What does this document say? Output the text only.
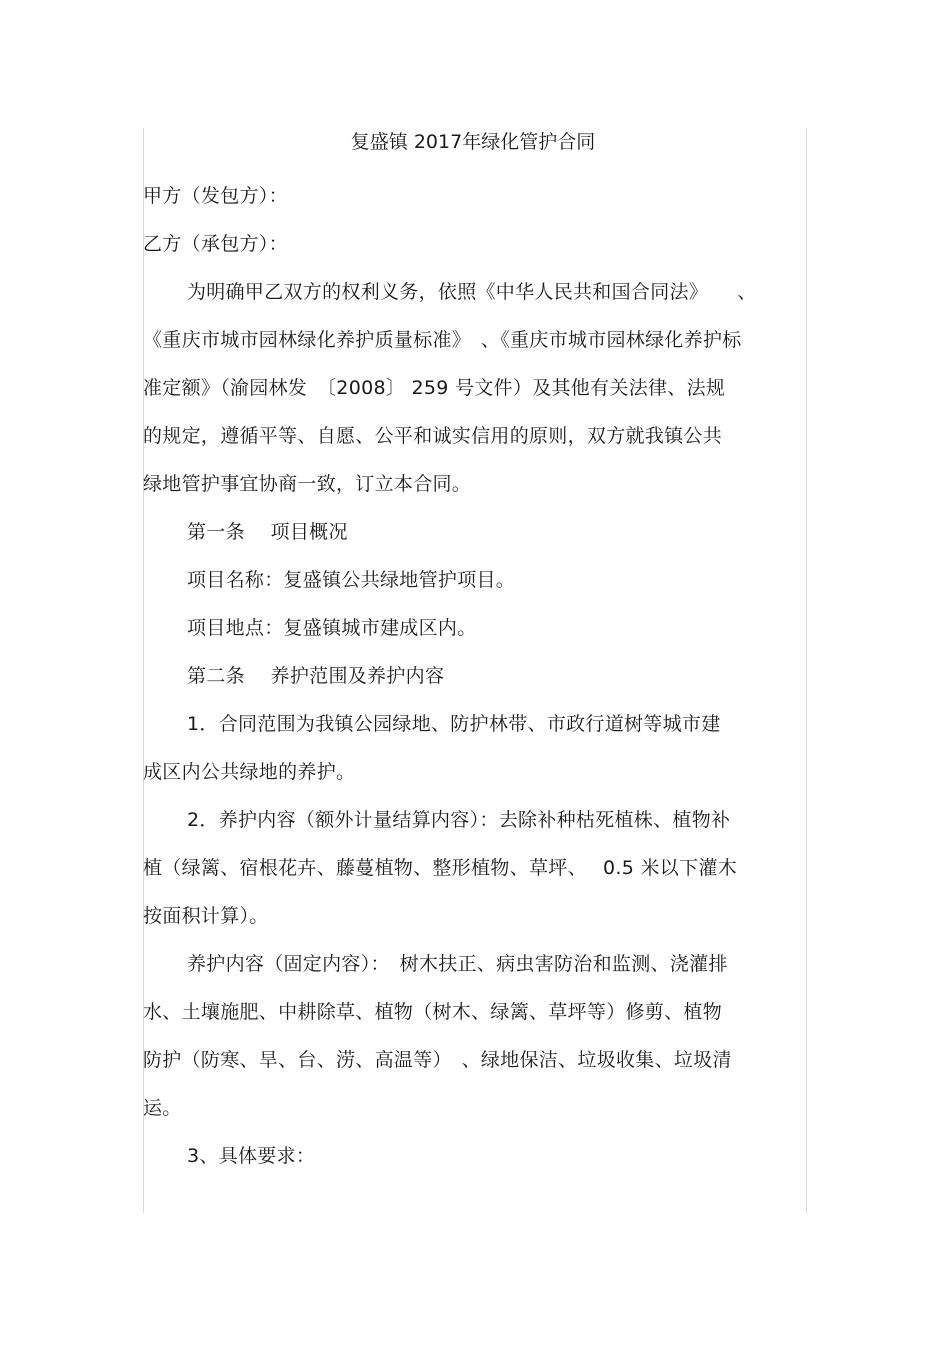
复盛镇 2017年绿化管护合同
甲方（发包方）：
乙方（承包方）：
为明确甲乙双方的权利义务，依照《中华人民共和国合同法》　　、
《重庆市城市园林绿化养护质量标准》　、《重庆市城市园林绿化养护标
准定额》（渝园林发　〔2008〕 259 号文件）及其他有关法律、法规
的规定，遵循平等、自愿、公平和诚实信用的原则，双方就我镇公共
绿地管护事宜协商一致，订立本合同。
第一条　 项目概况
项目名称：复盛镇公共绿地管护项目。
项目地点：复盛镇城市建成区内。
第二条　 养护范围及养护内容
1．合同范围为我镇公园绿地、防护林带、市政行道树等城市建
成区内公共绿地的养护。
2．养护内容（额外计量结算内容）：去除补种枯死植株、植物补
植（绿篱、宿根花卉、藤蔓植物、整形植物、草坪、　 0.5 米以下灌木
按面积计算）。
养护内容（固定内容）：　树木扶正、病虫害防治和监测、浇灌排
水、土壤施肥、中耕除草、植物（树木、绿篱、草坪等）修剪、植物
防护（防寒、旱、台、涝、高温等）　、绿地保洁、垃圾收集、垃圾清
运。
3、具体要求：
